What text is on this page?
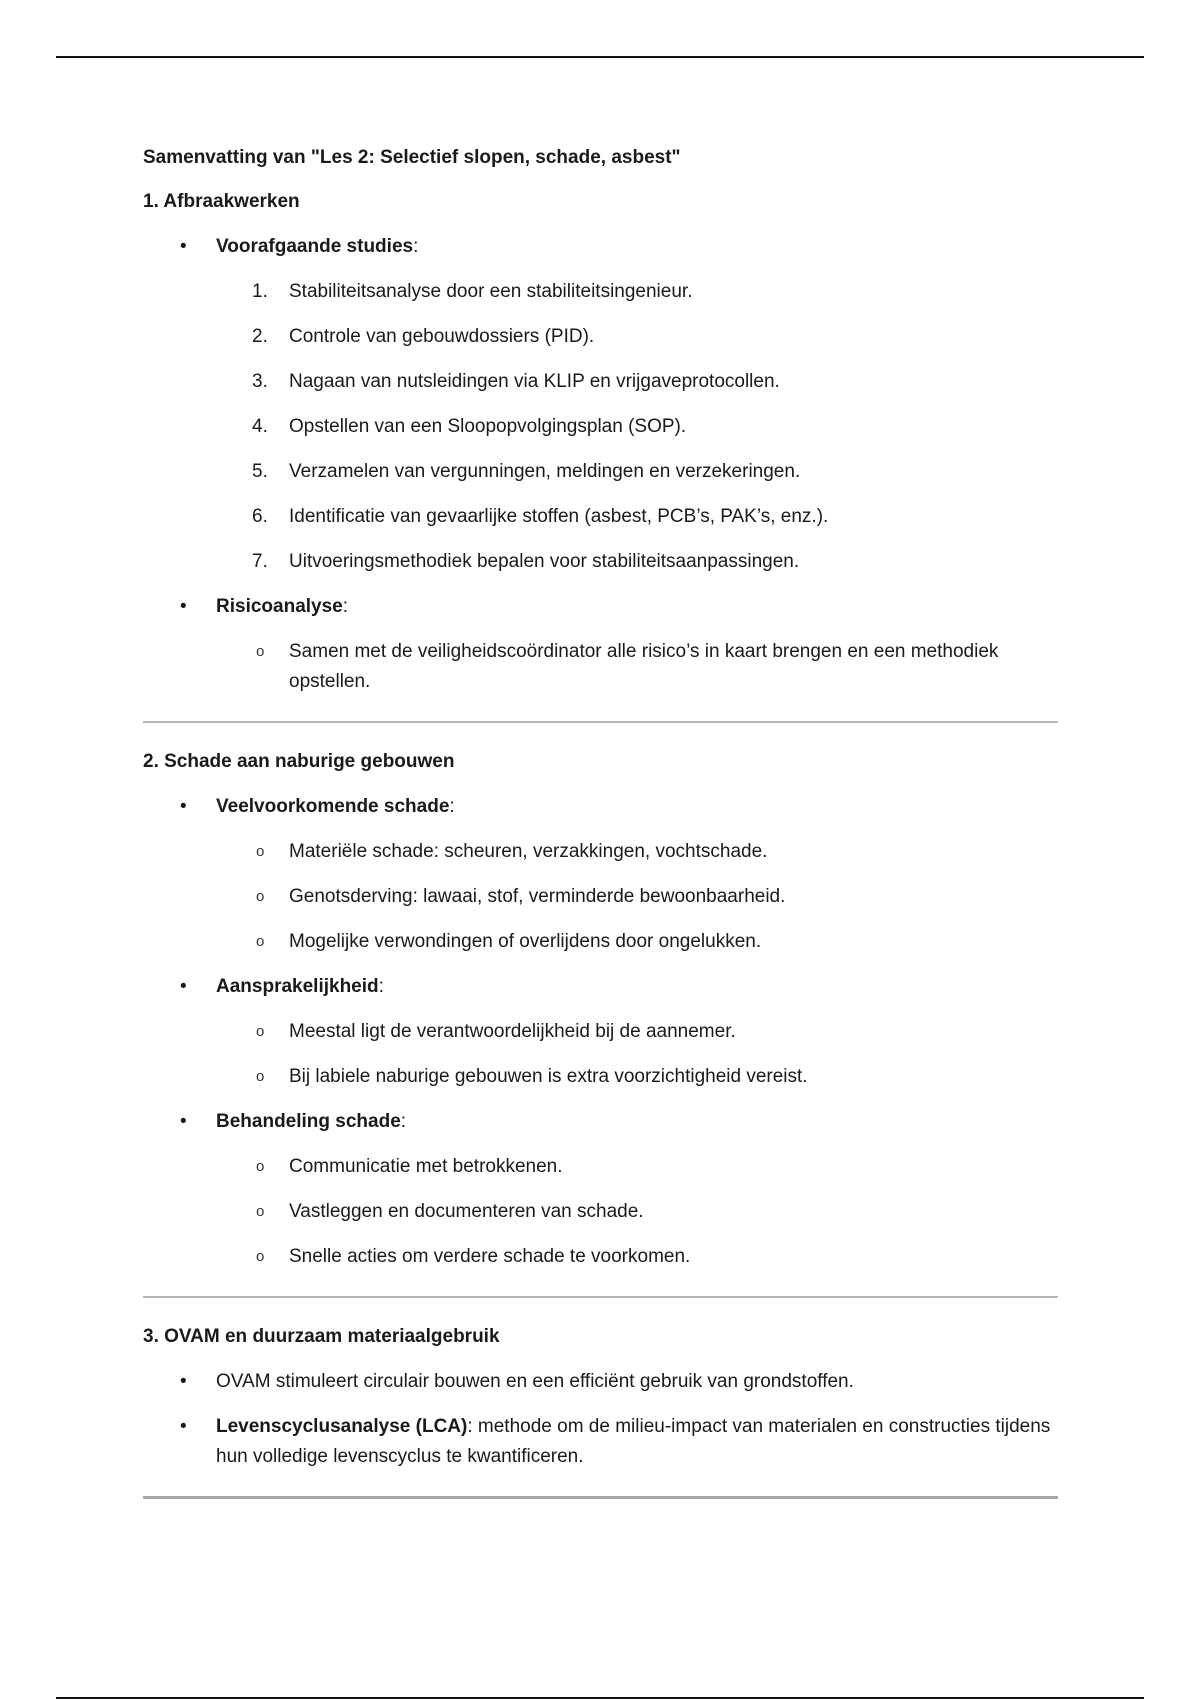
Samenvatting van "Les 2: Selectief slopen, schade, asbest"

1. Afbraakwerken

• Voorafgaande studies:
1.	Stabiliteitsanalyse door een stabiliteitsingenieur.
2.	Controle van gebouwdossiers (PID).
3.	Nagaan van nutsleidingen via KLIP en vrijgaveprotocollen.
4.	Opstellen van een Sloopopvolgingsplan (SOP).
5.	Verzamelen van vergunningen, meldingen en verzekeringen.
6.	Identificatie van gevaarlijke stoffen (asbest, PCB’s, PAK’s, enz.).
7.	Uitvoeringsmethodiek bepalen voor stabiliteitsaanpassingen.
• Risicoanalyse:
o Samen met de veiligheidscoördinator alle risico’s in kaart brengen en een methodiek opstellen.

2. Schade aan naburige gebouwen

• Veelvoorkomende schade:
o Materiële schade: scheuren, verzakkingen, vochtschade.
o Genotsderving: lawaai, stof, verminderde bewoonbaarheid.
o Mogelijke verwondingen of overlijdens door ongelukken.
• Aansprakelijkheid:
o Meestal ligt de verantwoordelijkheid bij de aannemer.
o Bij labiele naburige gebouwen is extra voorzichtigheid vereist.
• Behandeling schade:
o Communicatie met betrokkenen.
o Vastleggen en documenteren van schade.
o Snelle acties om verdere schade te voorkomen.

3. OVAM en duurzaam materiaalgebruik

• OVAM stimuleert circulair bouwen en een efficiënt gebruik van grondstoffen.
• Levenscyclusanalyse (LCA): methode om de milieu-impact van materialen en constructies tijdens hun volledige levenscyclus te kwantificeren.
